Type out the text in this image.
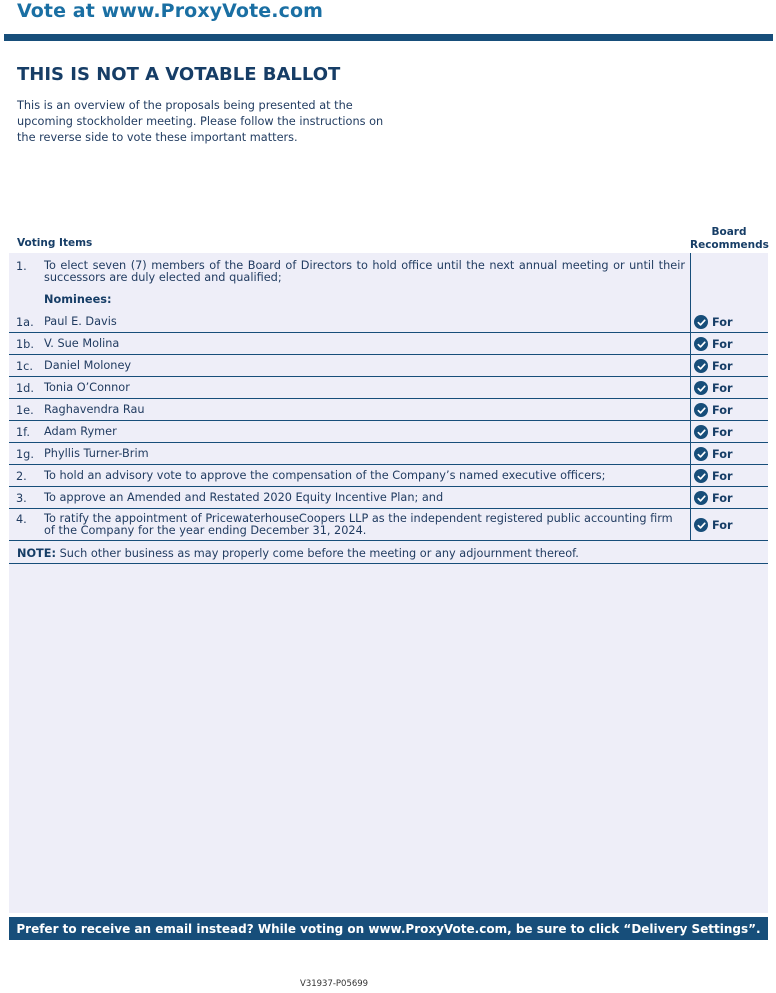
Vote at www.ProxyVote.com
THIS IS NOT A VOTABLE BALLOT
This is an overview of the proposals being presented at the upcoming stockholder meeting. Please follow the instructions on the reverse side to vote these important matters.
Voting Items
Board Recommends
1. To elect seven (7) members of the Board of Directors to hold office until the next annual meeting or until their successors are duly elected and qualified;
Nominees:
1a. Paul E. Davis	For
1b. V. Sue Molina	For
1c. Daniel Moloney	For
1d. Tonia O’Connor	For
1e. Raghavendra Rau	For
1f. Adam Rymer	For
1g. Phyllis Turner-Brim	For
2. To hold an advisory vote to approve the compensation of the Company’s named executive officers;	For
3. To approve an Amended and Restated 2020 Equity Incentive Plan; and	For
4. To ratify the appointment of PricewaterhouseCoopers LLP as the independent registered public accounting firm of the Company for the year ending December 31, 2024.	For
NOTE: Such other business as may properly come before the meeting or any adjournment thereof.
Prefer to receive an email instead? While voting on www.ProxyVote.com, be sure to click “Delivery Settings”.
V31937-P05699
